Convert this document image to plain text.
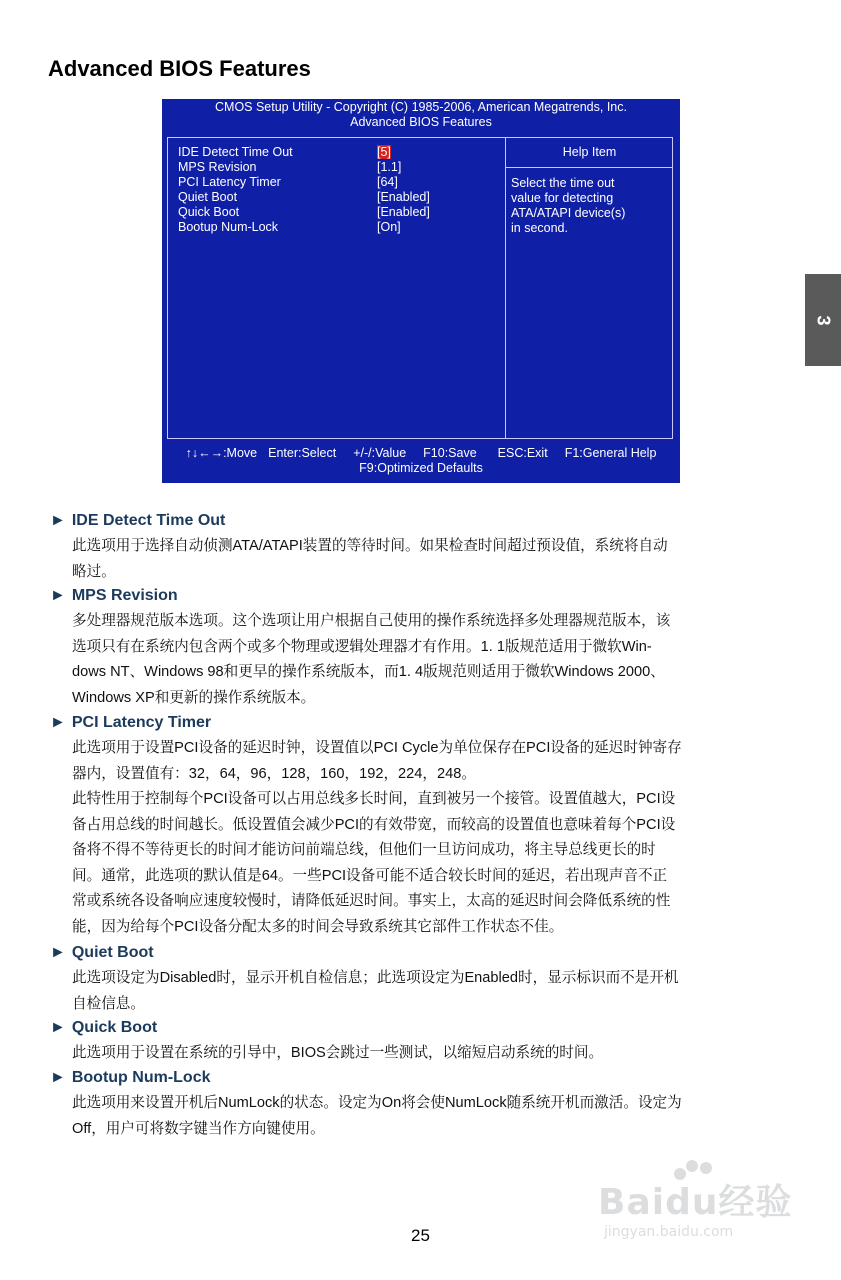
Advanced BIOS Features
3
CMOS Setup Utility - Copyright (C) 1985-2006, American Megatrends, Inc.
Advanced BIOS Features
Help Item
Select the time out
value for detecting
ATA/ATAPI device(s)
in second.
IDE Detect Time Out	[5]
MPS Revision	[1.1]
PCI Latency Timer	[64]
Quiet Boot	[Enabled]
Quick Boot	[Enabled]
Bootup Num-Lock	[On]
↑↓←→:Move Enter:Select +/-/:Value F10:Save ESC:Exit F1:General Help
F9:Optimized Defaults
► IDE Detect Time Out
此选项用于选择自动侦测ATA/ATAPI装置的等待时间。如果检查时间超过预设值，系统将自动
略过。
► MPS Revision
多处理器规范版本选项。这个选项让用户根据自己使用的操作系统选择多处理器规范版本，该
选项只有在系统内包含两个或多个物理或逻辑处理器才有作用。1. 1版规范适用于微软Win-
dows NT、Windows 98和更早的操作系统版本，而1. 4版规范则适用于微软Windows 2000、
Windows XP和更新的操作系统版本。
► PCI Latency Timer
此选项用于设置PCI设备的延迟时钟，设置值以PCI Cycle为单位保存在PCI设备的延迟时钟寄存
器内，设置值有：32，64，96，128，160，192，224，248。
此特性用于控制每个PCI设备可以占用总线多长时间，直到被另一个接管。设置值越大，PCI设
备占用总线的时间越长。低设置值会减少PCI的有效带宽，而较高的设置值也意味着每个PCI设
备将不得不等待更长的时间才能访问前端总线，但他们一旦访问成功，将主导总线更长的时
间。通常，此选项的默认值是64。一些PCI设备可能不适合较长时间的延迟，若出现声音不正
常或系统各设备响应速度较慢时，请降低延迟时间。事实上，太高的延迟时间会降低系统的性
能，因为给每个PCI设备分配太多的时间会导致系统其它部件工作状态不佳。
► Quiet Boot
此选项设定为Disabled时，显示开机自检信息；此选项设定为Enabled时，显示标识而不是开机
自检信息。
► Quick Boot
此选项用于设置在系统的引导中，BIOS会跳过一些测试，以缩短启动系统的时间。
► Bootup Num-Lock
此选项用来设置开机后NumLock的状态。设定为On将会使NumLock随系统开机而激活。设定为
Off，用户可将数字键当作方向键使用。
Baidu经验
jingyan.baidu.com
25
